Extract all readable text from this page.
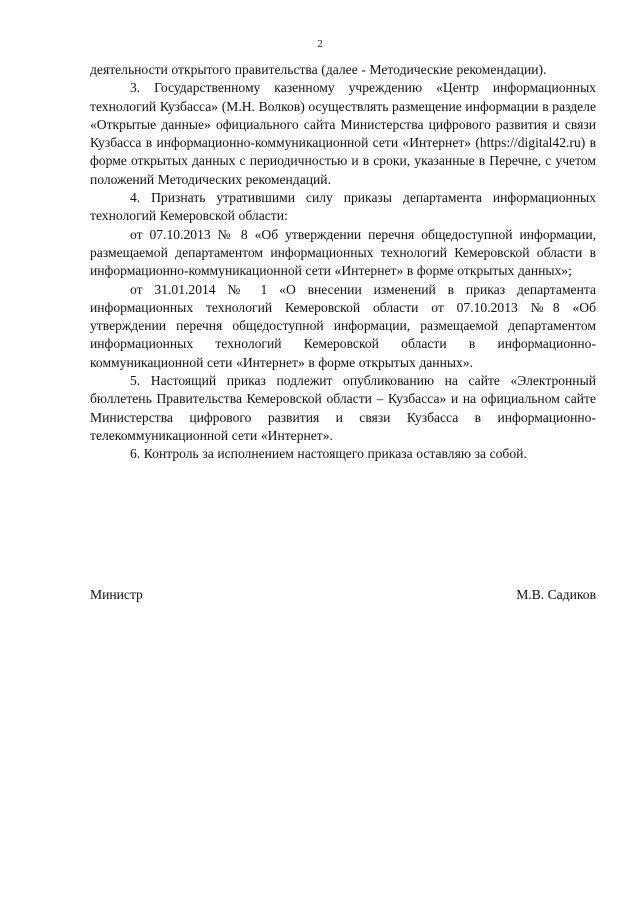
2

деятельности открытого правительства (далее - Методические рекомендации).

3. Государственному казенному учреждению «Центр информационных технологий Кузбасса» (М.Н. Волков) осуществлять размещение информации в разделе «Открытые данные» официального сайта Министерства цифрового развития и связи Кузбасса в информационно-коммуникационной сети «Интернет» (https://digital42.ru) в форме открытых данных с периодичностью и в сроки, указанные в Перечне, с учетом положений Методических рекомендаций.

4. Признать утратившими силу приказы департамента информационных технологий Кемеровской области:

от 07.10.2013 № 8 «Об утверждении перечня общедоступной информации, размещаемой департаментом информационных технологий Кемеровской области в информационно-коммуникационной сети «Интернет» в форме открытых данных»;

от 31.01.2014 № 1 «О внесении изменений в приказ департамента информационных технологий Кемеровской области от 07.10.2013 №8 «Об утверждении перечня общедоступной информации, размещаемой департаментом информационных технологий Кемеровской области в информационно-коммуникационной сети «Интернет» в форме открытых данных».

5. Настоящий приказ подлежит опубликованию на сайте «Электронный бюллетень Правительства Кемеровской области – Кузбасса» и на официальном сайте Министерства цифрового развития и связи Кузбасса в информационно-телекоммуникационной сети «Интернет».

6. Контроль за исполнением настоящего приказа оставляю за собой.

Министр	М.В. Садиков
